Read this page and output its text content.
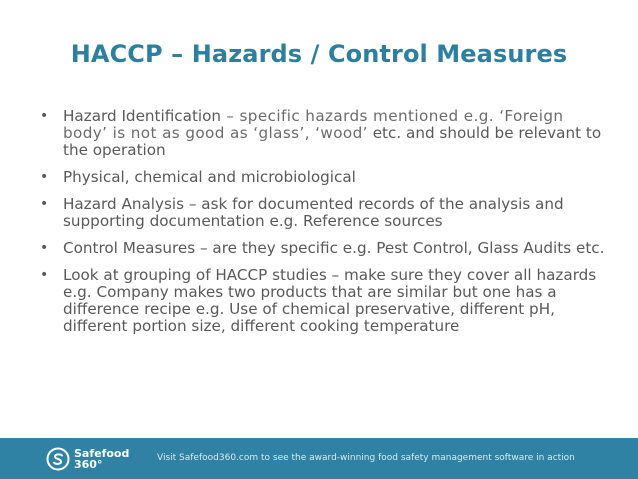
HACCP – Hazards / Control Measures
• Hazard Identification – specific hazards mentioned e.g. ‘Foreign body’ is not as good as ‘glass’, ‘wood’ etc. and should be relevant to the operation
• Physical, chemical and microbiological
• Hazard Analysis – ask for documented records of the analysis and supporting documentation e.g. Reference sources
• Control Measures – are they specific e.g. Pest Control, Glass Audits etc.
• Look at grouping of HACCP studies – make sure they cover all hazards e.g. Company makes two products that are similar but one has a difference recipe e.g. Use of chemical preservative, different pH, different portion size, different cooking temperature
Safefood
360°	Visit Safefood360.com to see the award-winning food safety management software in action
